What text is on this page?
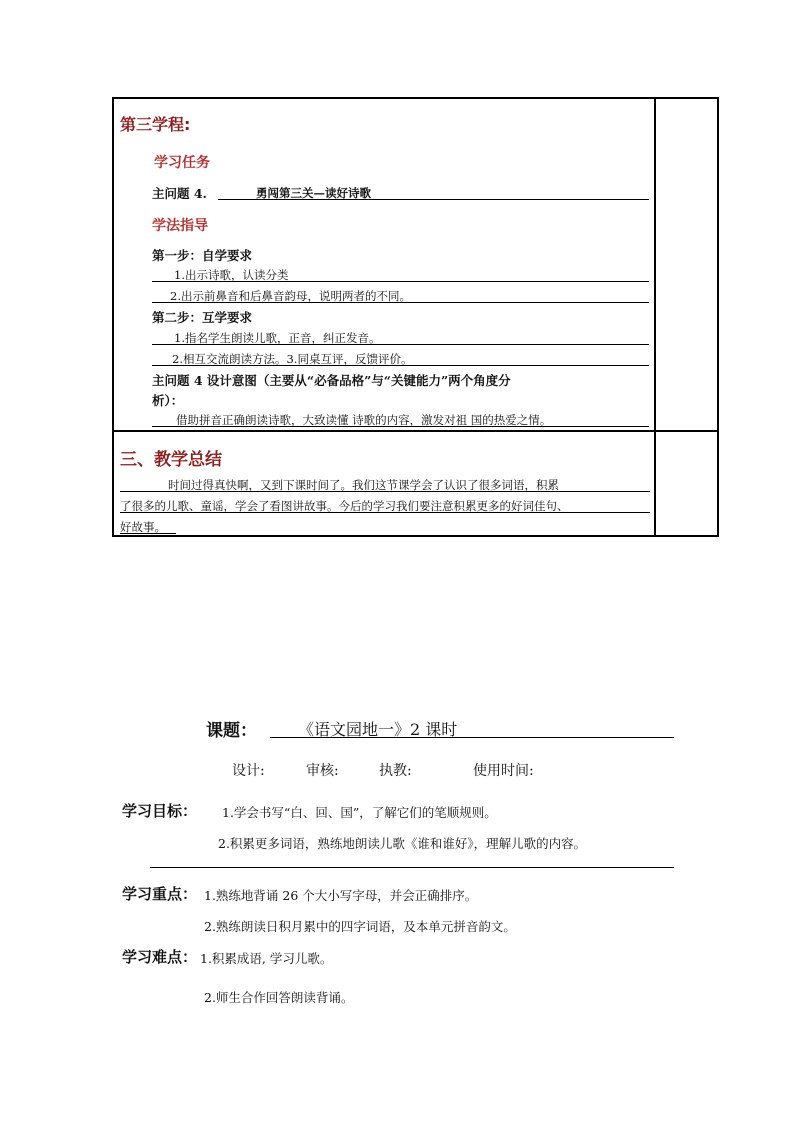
第三学程:
学习任务
主问题 4.	勇闯第三关—读好诗歌
学法指导
第一步：自学要求
1.出示诗歌，认读分类
2.出示前鼻音和后鼻音韵母，说明两者的不同。
第二步：互学要求
1.指名学生朗读儿歌，正音，纠正发音。
2.相互交流朗读方法。3.同桌互评，反馈评价。
主问题 4 设计意图（主要从“必备品格”与“关键能力”两个角度分
析）：
借助拼音正确朗读诗歌，大致读懂 诗歌的内容，激发对祖 国的热爱之情。
三、教学总结
时间过得真快啊，又到下课时间了。我们这节课学会了认识了很多词语，积累
了很多的儿歌、童谣，学会了看图讲故事。今后的学习我们要注意积累更多的好词佳句、
好故事。
课题：	《语文园地一》2 课时
设计:	审核:	执教:	使用时间:
学习目标： 1.学会书写“白、回、国”，了解它们的笔顺规则。
2.积累更多词语，熟练地朗读儿歌《谁和谁好》，理解儿歌的内容。
学习重点： 1.熟练地背诵 26 个大小写字母，并会正确排序。
2.熟练朗读日积月累中的四字词语，及本单元拼音韵文。
学习难点： 1.积累成语, 学习儿歌。
2.师生合作回答朗读背诵。
